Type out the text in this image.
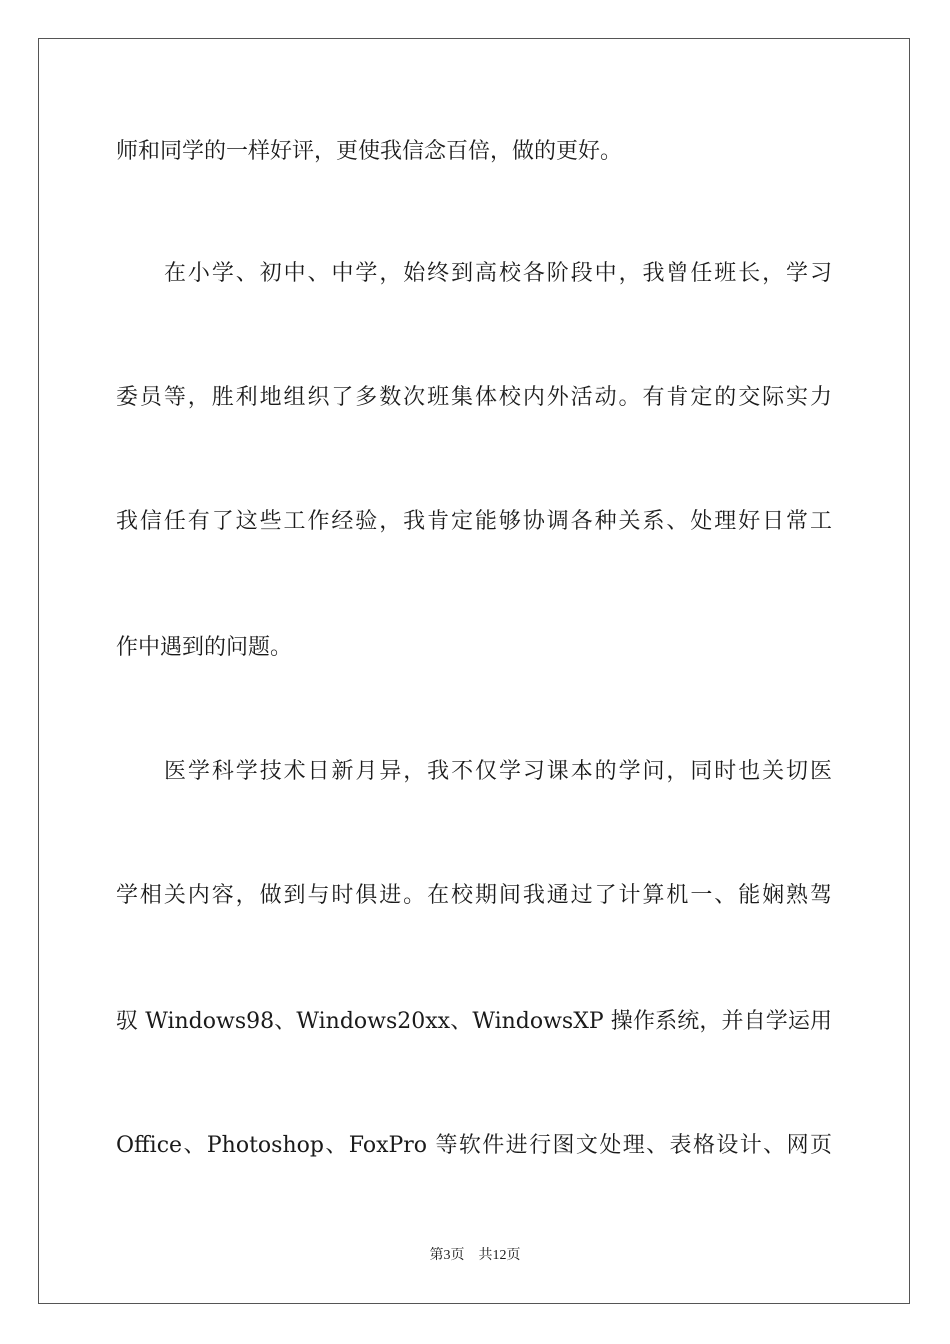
师和同学的一样好评，更使我信念百倍，做的更好。
在小学、初中、中学，始终到高校各阶段中，我曾任班长，学习
委员等，胜利地组织了多数次班集体校内外活动。有肯定的交际实力
我信任有了这些工作经验，我肯定能够协调各种关系、处理好日常工
作中遇到的问题。
医学科学技术日新月异，我不仅学习课本的学问，同时也关切医
学相关内容，做到与时俱进。在校期间我通过了计算机一、能娴熟驾
驭 Windows98、Windows20xx、WindowsXP 操作系统，并自学运用
Office、Photoshop、FoxPro 等软件进行图文处理、表格设计、网页
第3页 共12页
